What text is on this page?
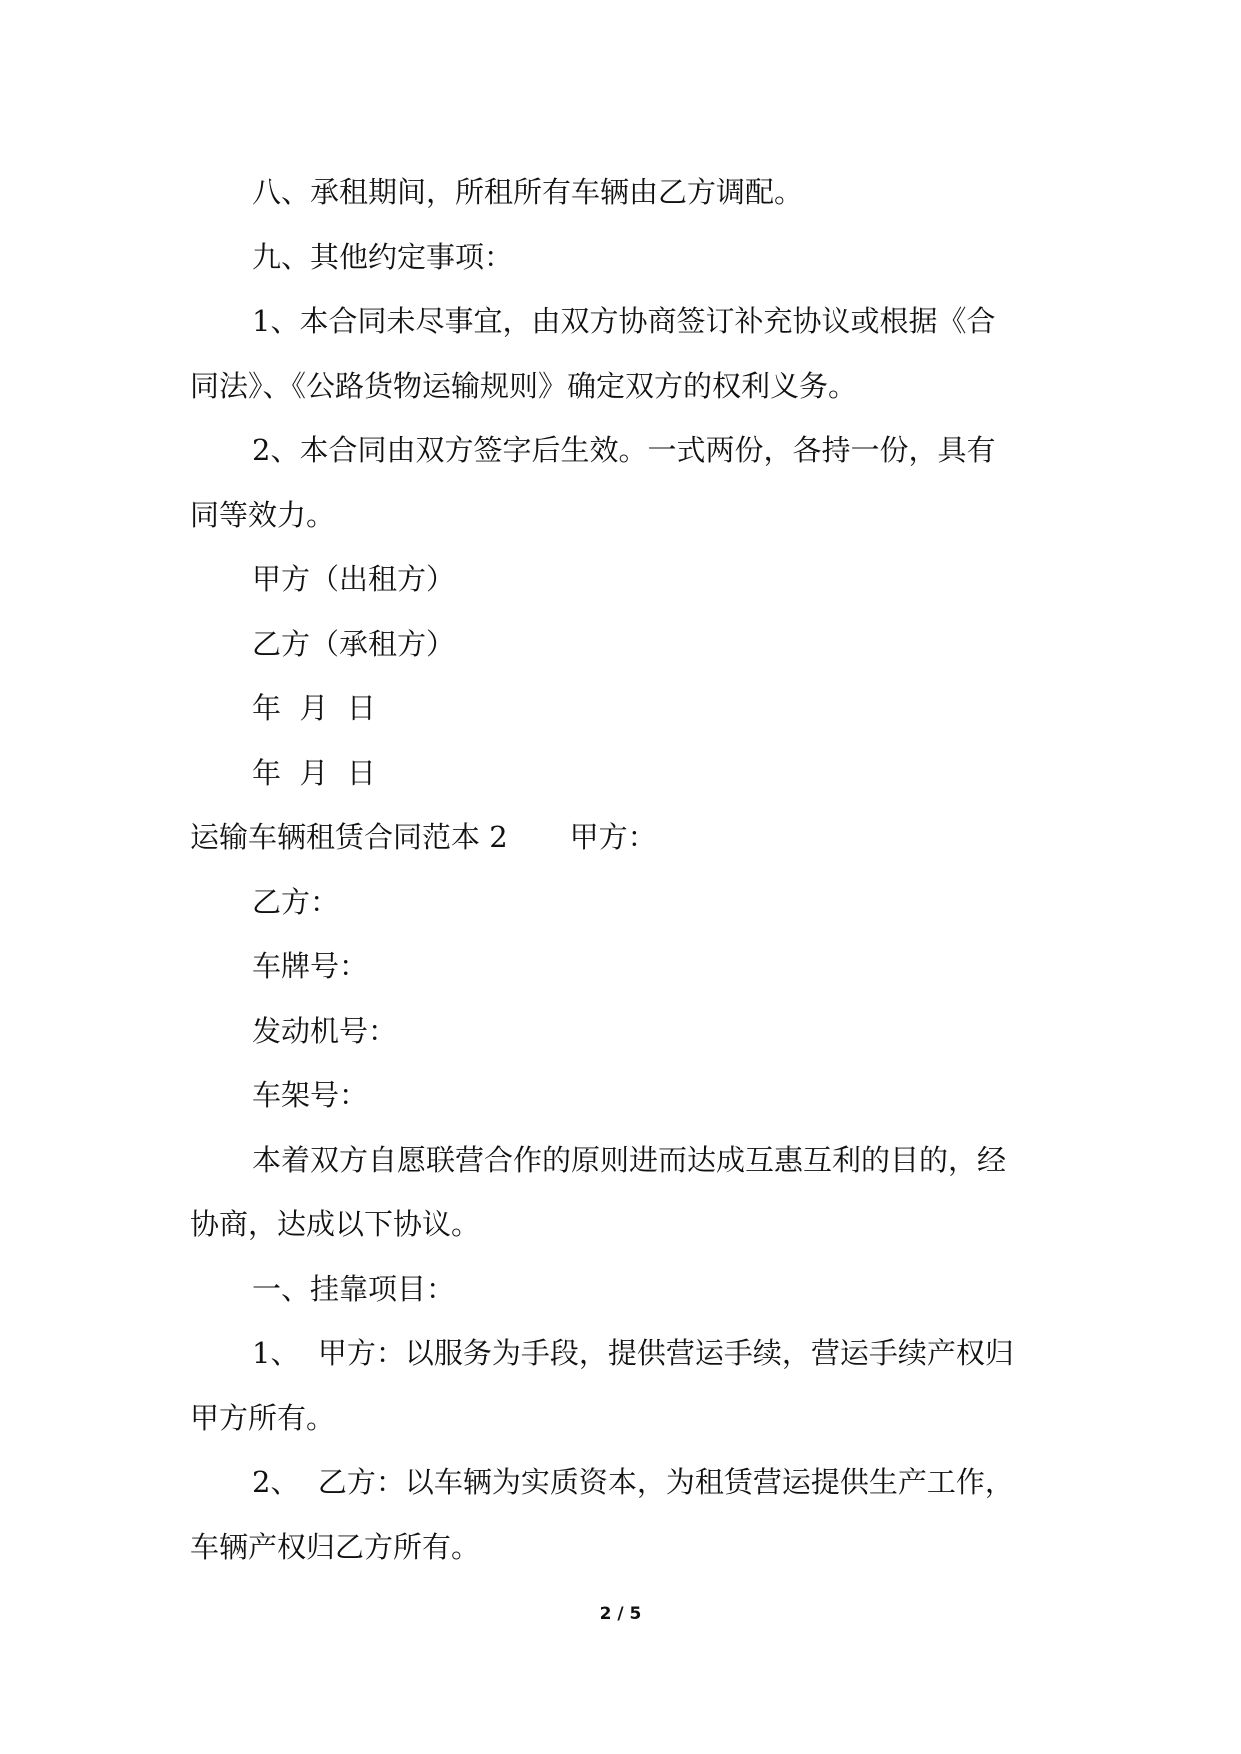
八、承租期间，所租所有车辆由乙方调配。

九、其他约定事项：

1、本合同未尽事宜，由双方协商签订补充协议或根据《合

同法》、《公路货物运输规则》确定双方的权利义务。

2、本合同由双方签字后生效。一式两份，各持一份，具有

同等效力。

甲方（出租方）

乙方（承租方）

年  月  日

年  月  日

运输车辆租赁合同范本 2 甲方：

乙方：

车牌号：

发动机号：

车架号：

本着双方自愿联营合作的原则进而达成互惠互利的目的，经

协商，达成以下协议。

一、挂靠项目：

1、  甲方：以服务为手段，提供营运手续，营运手续产权归

甲方所有。

2、  乙方：以车辆为实质资本，为租赁营运提供生产工作，

车辆产权归乙方所有。

2 / 5
